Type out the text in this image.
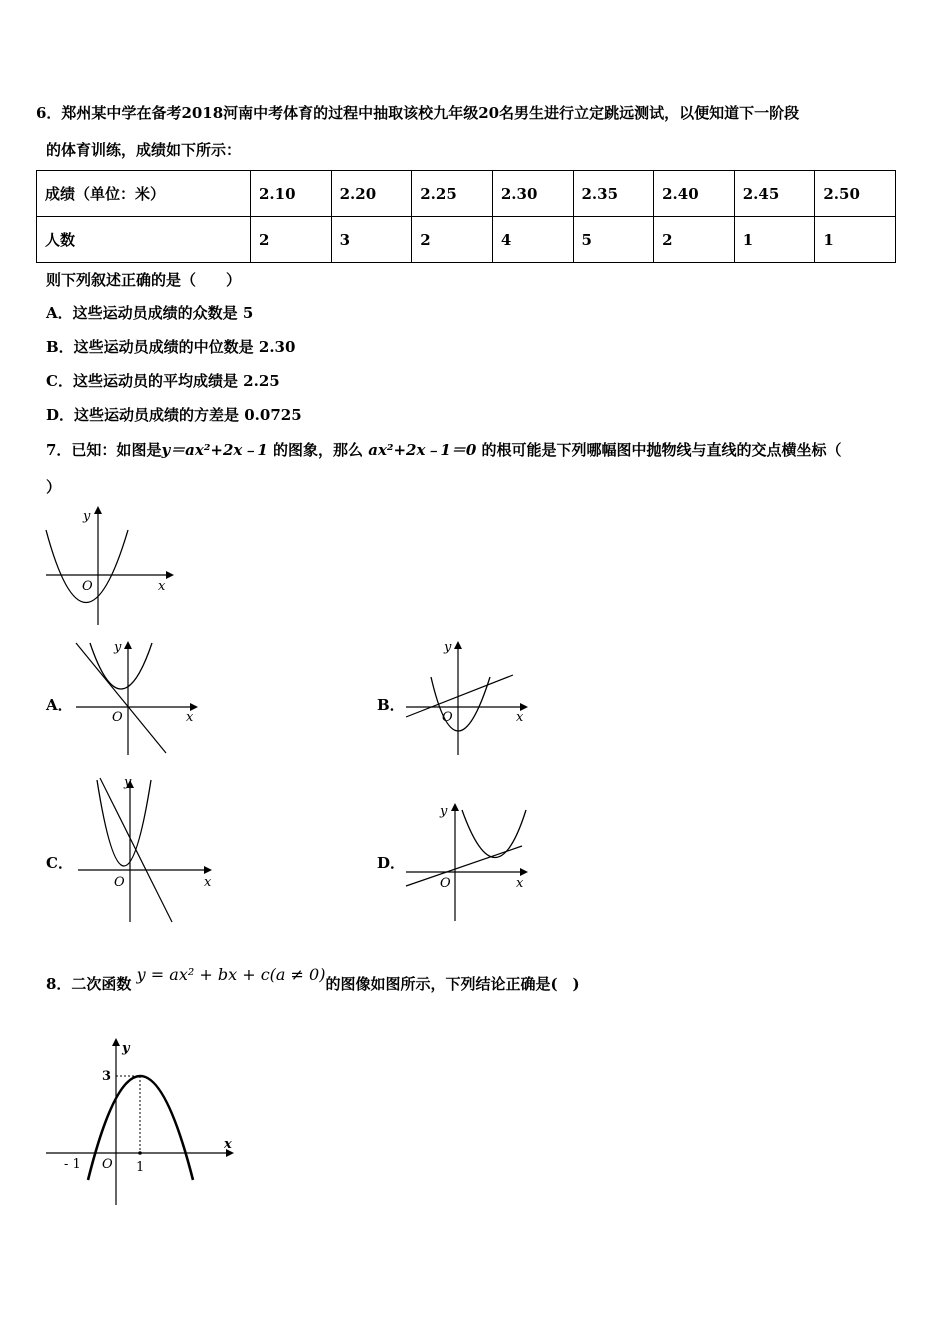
6．郑州某中学在备考2018河南中考体育的过程中抽取该校九年级20名男生进行立定跳远测试，以便知道下一阶段
的体育训练，成绩如下所示：
成绩（单位：米）	2.10	2.20	2.25	2.30	2.35	2.40	2.45	2.50
人数	2	3	2	4	5	2	1	1
则下列叙述正确的是（　　）
A．这些运动员成绩的众数是 5
B．这些运动员成绩的中位数是 2.30
C．这些运动员的平均成绩是 2.25
D．这些运动员成绩的方差是 0.0725
7．已知：如图是y＝ax²+2x﹣1 的图象，那么 ax²+2x﹣1＝0 的根可能是下列哪幅图中抛物线与直线的交点横坐标（
）
y
x
O
A．
y
x
O
B．
y
x
O
C．
y
x
O
D．
y
x
O
8．二次函数 y = ax² + bx + c(a ≠ 0)的图像如图所示，下列结论正确是(　)
3
- 1 O 1
y
x
